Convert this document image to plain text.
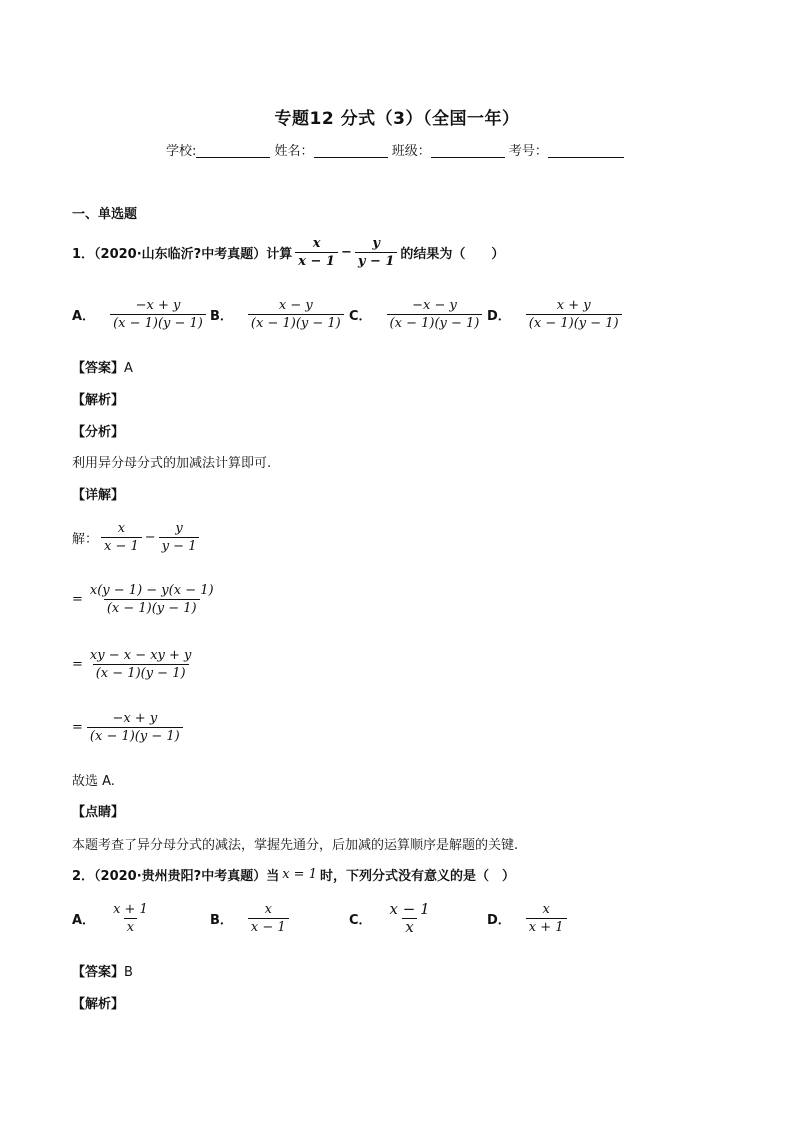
专题12 分式（3）（全国一年）
学校:	姓名：	班级：	考号：
一、单选题
1．（2020·山东临沂?中考真题）计算 $\frac{x}{x - 1} - \frac{y}{y - 1}$ 的结果为（　　）
A． $\frac{-x + y}{(x - 1)(y - 1)}$ B． $\frac{x - y}{(x - 1)(y - 1)}$ C． $\frac{-x - y}{(x - 1)(y - 1)}$ D． $\frac{x + y}{(x - 1)(y - 1)}$
【答案】A
【解析】
【分析】
利用异分母分式的加减法计算即可.
【详解】
解： $\frac{x}{x - 1} - \frac{y}{y - 1}$
= $\frac{x(y - 1) - y(x - 1)}{(x - 1)(y - 1)}$
= $\frac{xy - x - xy + y}{(x - 1)(y - 1)}$
= $\frac{-x + y}{(x - 1)(y - 1)}$
故选 A.
【点睛】
本题考查了异分母分式的减法，掌握先通分，后加减的运算顺序是解题的关键.
2．（2020·贵州贵阳?中考真题）当 x = 1 时，下列分式没有意义的是（　）
A． $\frac{x + 1}{x}$	B． $\frac{x}{x - 1}$	C． $\frac{x - 1}{x}$	D． $\frac{x}{x + 1}$
【答案】B
【解析】
